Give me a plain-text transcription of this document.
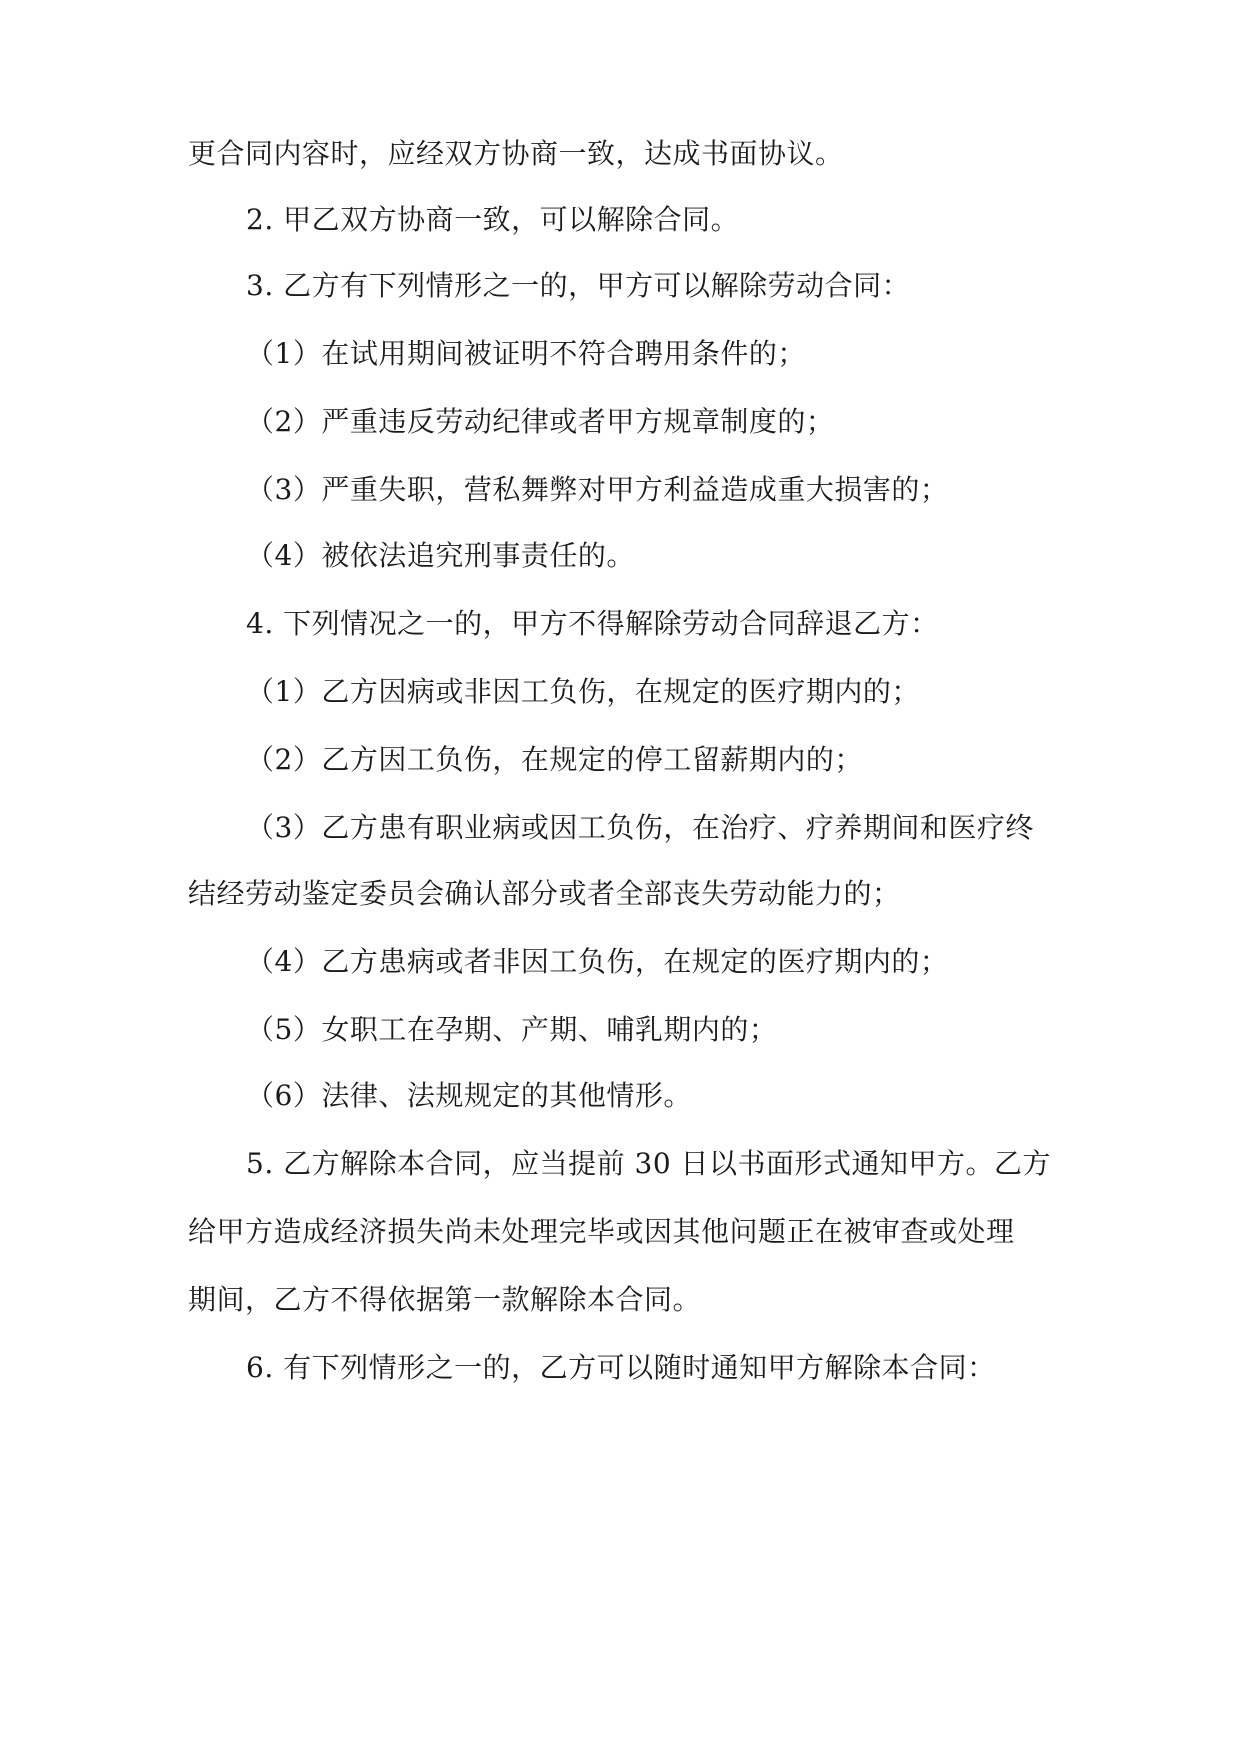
更合同内容时，应经双方协商一致，达成书面协议。
2. 甲乙双方协商一致，可以解除合同。
3. 乙方有下列情形之一的，甲方可以解除劳动合同：
（1）在试用期间被证明不符合聘用条件的；
（2）严重违反劳动纪律或者甲方规章制度的；
（3）严重失职，营私舞弊对甲方利益造成重大损害的；
（4）被依法追究刑事责任的。
4. 下列情况之一的，甲方不得解除劳动合同辞退乙方：
（1）乙方因病或非因工负伤，在规定的医疗期内的；
（2）乙方因工负伤，在规定的停工留薪期内的；
（3）乙方患有职业病或因工负伤，在治疗、疗养期间和医疗终
结经劳动鉴定委员会确认部分或者全部丧失劳动能力的；
（4）乙方患病或者非因工负伤，在规定的医疗期内的；
（5）女职工在孕期、产期、哺乳期内的；
（6）法律、法规规定的其他情形。
5. 乙方解除本合同，应当提前 30 日以书面形式通知甲方。乙方
给甲方造成经济损失尚未处理完毕或因其他问题正在被审查或处理
期间，乙方不得依据第一款解除本合同。
6. 有下列情形之一的，乙方可以随时通知甲方解除本合同：
